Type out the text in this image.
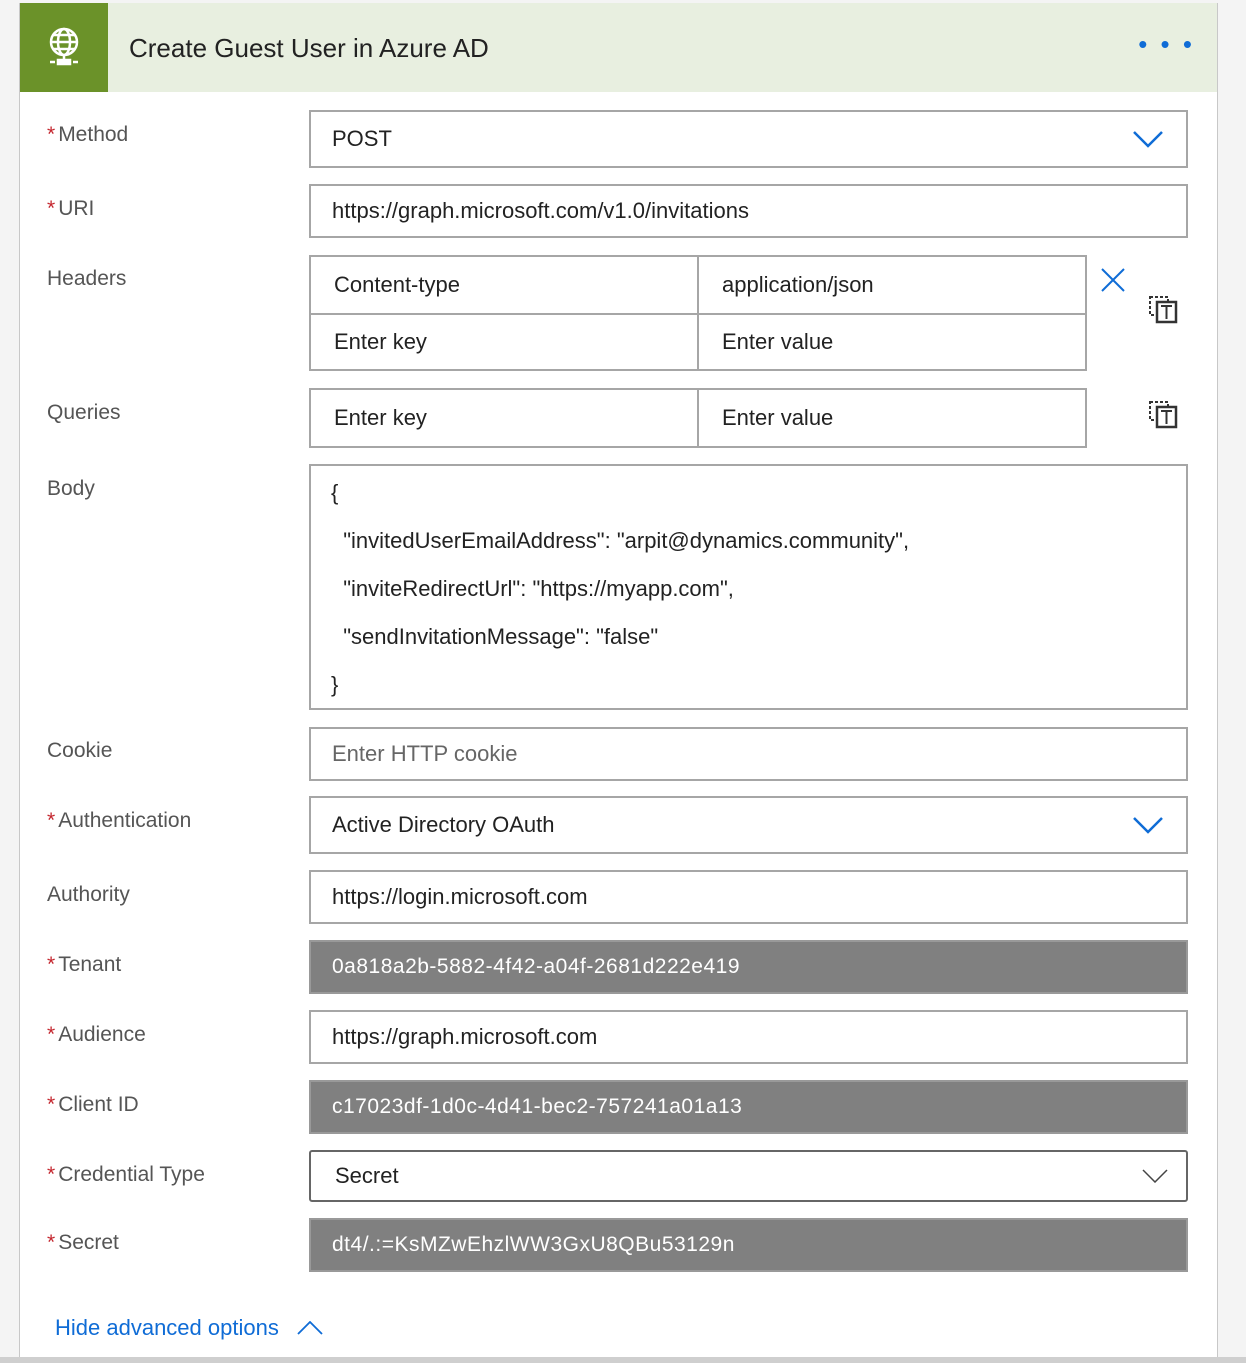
Create Guest User in Azure AD	• • •
* Method	POST
* URI	https://graph.microsoft.com/v1.0/invitations
Headers	Content-type	application/json
Enter key	Enter value
Queries	Enter key	Enter value
Body	{
"invitedUserEmailAddress": "arpit@dynamics.community",
"inviteRedirectUrl": "https://myapp.com",
"sendInvitationMessage": "false"
}
Cookie	Enter HTTP cookie
* Authentication	Active Directory OAuth
Authority	https://login.microsoft.com
* Tenant	0a818a2b-5882-4f42-a04f-2681d222e419
* Audience	https://graph.microsoft.com
* Client ID	c17023df-1d0c-4d41-bec2-757241a01a13
* Credential Type	Secret
* Secret	dt4/.:=KsMZwEhzlWW3GxU8QBu53129n
Hide advanced options
